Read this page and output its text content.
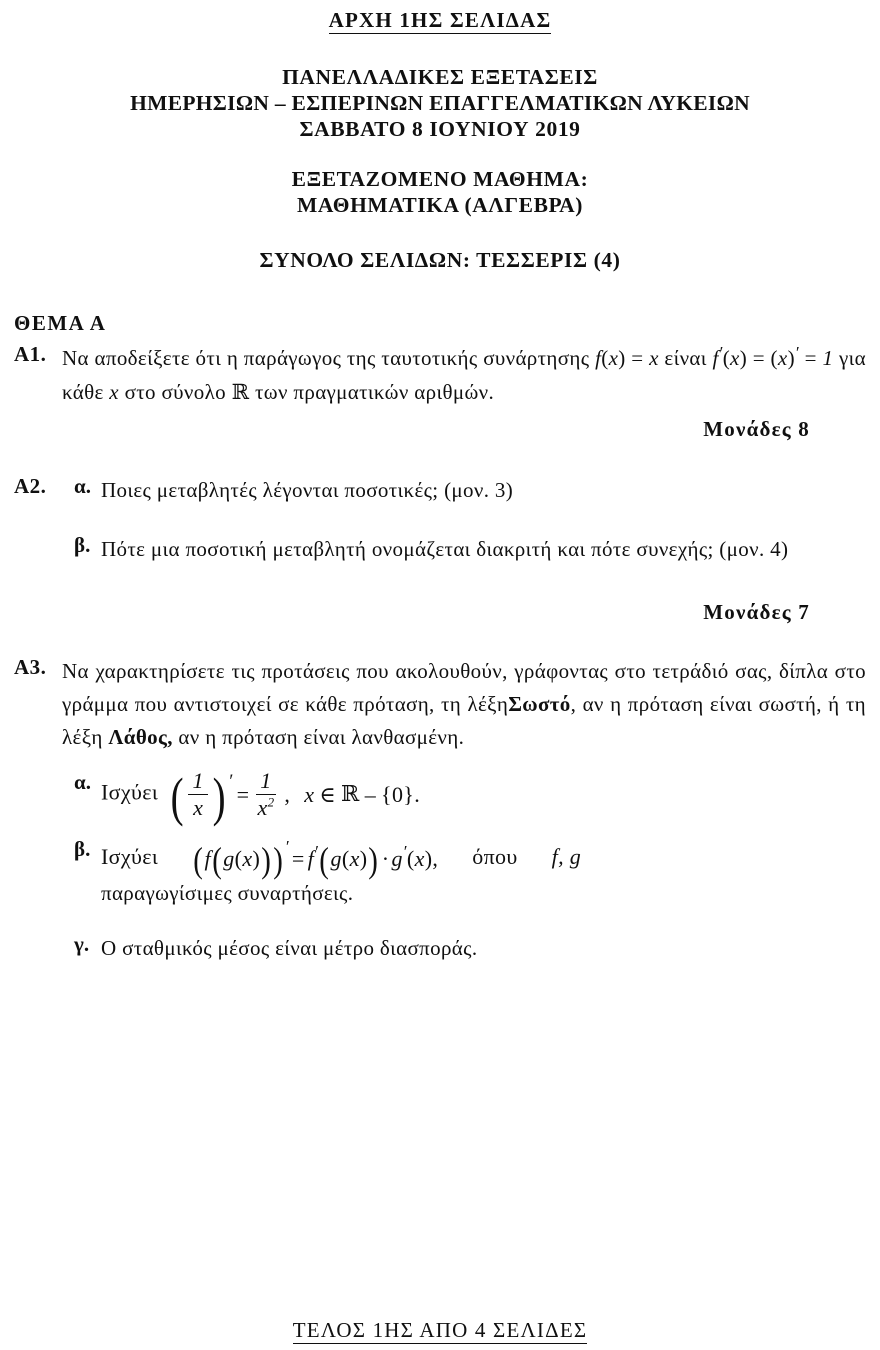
ΑΡΧΗ 1ΗΣ ΣΕΛΙΔΑΣ
ΠΑΝΕΛΛΑΔΙΚΕΣ ΕΞΕΤΑΣΕΙΣ
ΗΜΕΡΗΣΙΩΝ – ΕΣΠΕΡΙΝΩΝ ΕΠΑΓΓΕΛΜΑΤΙΚΩΝ ΛΥΚΕΙΩΝ
ΣΑΒΒΑΤΟ 8 ΙΟΥΝΙΟΥ 2019
ΕΞΕΤΑΖΟΜΕΝΟ ΜΑΘΗΜΑ:
ΜΑΘΗΜΑΤΙΚΑ (ΑΛΓΕΒΡΑ)
ΣΥΝΟΛΟ ΣΕΛΙΔΩΝ: ΤΕΣΣΕΡΙΣ (4)
ΘΕΜΑ Α
Α1. Να αποδείξετε ότι η παράγωγος της ταυτοτικής συνάρτησης f(x) = x είναι f′(x) = (x)′ = 1 για κάθε x στο σύνολο ℝ των πραγματικών αριθμών.
Μονάδες 8
Α2.	α. Ποιες μεταβλητές λέγονται ποσοτικές; (μον. 3)
β. Πότε μια ποσοτική μεταβλητή ονομάζεται διακριτή και πότε συνεχής; (μον. 4)
Μονάδες 7
Α3. Να χαρακτηρίσετε τις προτάσεις που ακολουθούν, γράφοντας στο τετράδιό σας, δίπλα στο γράμμα που αντιστοιχεί σε κάθε πρόταση, τη λέξηΣωστό, αν η πρόταση είναι σωστή, ή τη λέξη Λάθος, αν η πρόταση είναι λανθασμένη.
α. Ισχύει ( $\frac{1}{x}$ ) ′
= $\frac{1}{x^2}$ , x ∈ ℝ – {0} .
β. Ισχύει ( f ( g ( x ) ) ) ′ = f ′ ( g ( x ) ) · g ′ ( x ), όπου f, g
παραγωγίσιμες συναρτήσεις.
γ. Ο σταθμικός μέσος είναι μέτρο διασποράς.
ΤΕΛΟΣ 1ΗΣ ΑΠΟ 4 ΣΕΛΙΔΕΣ
